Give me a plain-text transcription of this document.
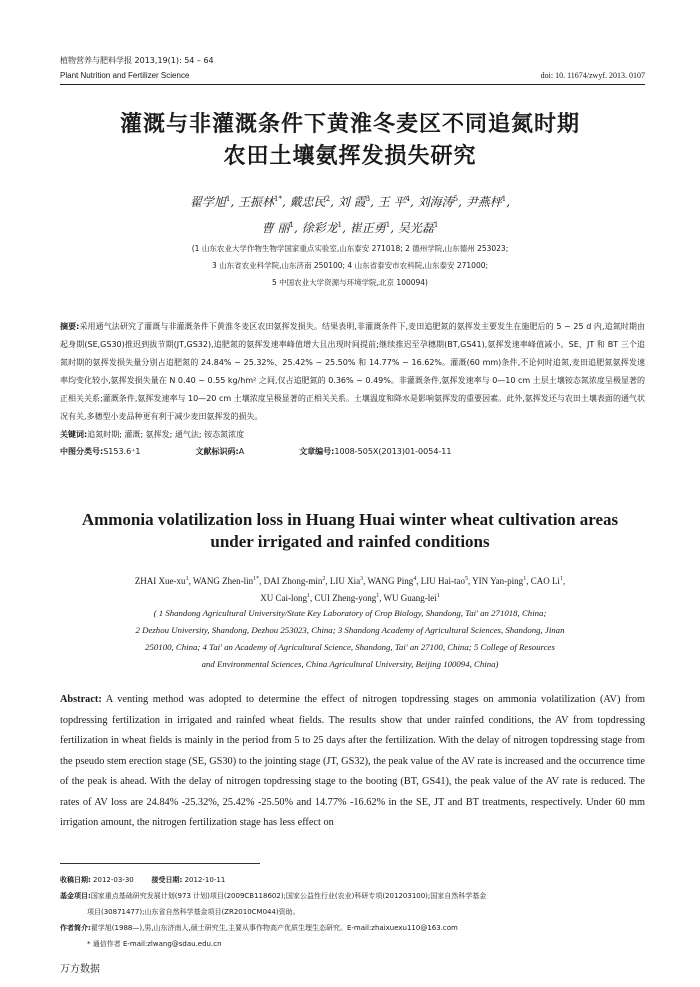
植物营养与肥料学报 2013,19(1): 54 – 64
Plant Nutrition and Fertilizer Science	doi: 10. 11674/zwyf. 2013. 0107
灌溉与非灌溉条件下黄淮冬麦区不同追氮时期
农田土壤氨挥发损失研究
翟学旭$^1$, 王振林$^{1*}$, 戴忠民$^2$, 刘 霞$^3$, 王 平$^4$, 刘海涛$^5$, 尹燕枰$^1$,
曹 丽$^1$, 徐彩龙$^1$, 崔正勇$^1$, 吴光磊$^1$
(1 山东农业大学作物生物学国家重点实验室,山东泰安 271018; 2 德州学院,山东德州 253023;
3 山东省农业科学院,山东济南 250100; 4 山东省泰安市农科院,山东泰安 271000;
5 中国农业大学资源与环境学院,北京 100094)

摘要:采用通气法研究了灌溉与非灌溉条件下黄淮冬麦区农田氨挥发损失。结果表明,非灌溉条件下,麦田追肥氮的氨挥发主要发生在施肥后的 5 ~ 25 d 内,追氮时期由起身期(SE,GS30)推迟到拔节期(JT,GS32),追肥氮的氨挥发速率峰值增大且出现时间提前;继续推迟至孕穗期(BT,GS41),氨挥发速率峰值减小。SE、JT 和 BT 三个追氮时期的氨挥发损失量分别占追肥氮的 24.84% ~ 25.32%、25.42% ~ 25.50% 和 14.77% ~ 16.62%。灌溉(60 mm)条件,不论何时追氮,麦田追肥氮氨挥发速率均变化较小,氨挥发损失量在 N 0.40 ~ 0.55 kg/hm² 之间,仅占追肥氮的 0.36% ~ 0.49%。非灌溉条件,氨挥发速率与 0—10 cm 土层土壤铵态氮浓度呈极显著的正相关关系;灌溉条件,氨挥发速率与 10—20 cm 土壤浓度呈极显著的正相关关系。土壤温度和降水是影响氨挥发的重要因素。此外,氨挥发还与农田土壤表面的通气状况有关,多穗型小麦品种更有利于减少麦田氨挥发的损失。

关键词:追氮时期; 灌溉; 氨挥发; 通气法; 铵态氮浓度

中图分类号:S153.6⁺1	文献标识码:A	文章编号:1008-505X(2013)01-0054-11
Ammonia volatilization loss in Huang Huai winter wheat cultivation areas
under irrigated and rainfed conditions
ZHAI Xue-$xu^1$, WANG Zhen-lin$^{1*}$, DAI Zhong-$\min^2$, LIU Xia$^3$, WANG Ping$^4$, LIU Hai-tao$^5$, YIN Yan-ping$^1$, CAO Li$^1$,
XU Cai-long$^1$, CUI Zheng-yong$^1$, WU Guang-lei$^1$
( 1 Shandong Agricultural University/State Key Laboratory of Crop Biology, Shandong, Tai' an 271018, China;
2 Dezhou University, Shandong, Dezhou 253023, China; 3 Shandong Academy of Agricultural Sciences, Shandong, Jinan
250100, China; 4 Tai' an Academy of Agricultural Science, Shandong, Tai' an 27100, China; 5 College of Resources
and Environmental Sciences, China Agricultural University, Beijing 100094, China)

Abstract: A venting method was adopted to determine the effect of nitrogen topdressing stages on ammonia volatilization (AV) from topdressing fertilization in irrigated and rainfed wheat fields. The results show that under rainfed conditions, the AV from topdressing fertilization in wheat fields is mainly in the period from 5 to 25 days after the fertilization. With the delay of nitrogen topdressing stage from the pseudo stem erection stage (SE, GS30) to the jointing stage (JT, GS32), the peak value of the AV rate is increased and the occurrence time of the peak is ahead. With the delay of nitrogen topdressing stage to the booting (BT, GS41), the peak value of the AV rate is reduced. The rates of AV loss are 24.84% -25.32%, 25.42% -25.50% and 14.77% -16.62% in the SE, JT and BT treatments, respectively. Under 60 mm irrigation amount, the nitrogen fertilization stage has less effect on

收稿日期: 2012-03-30	接受日期: 2012-10-11
基金项目:国家重点基础研究发展计划(973 计划)项目(2009CB118602);国家公益性行业(农业)科研专项(201203100);国家自然科学基金
项目(30871477);山东省自然科学基金项目(ZR2010CM044)资助。
作者简介:翟学旭(1988—),男,山东济南人,硕士研究生,主要从事作物高产优质生理生态研究。E-mail:zhaixuexu110@163.com
* 通信作者 E-mail:zlwang@sdau.edu.cn
万方数据
